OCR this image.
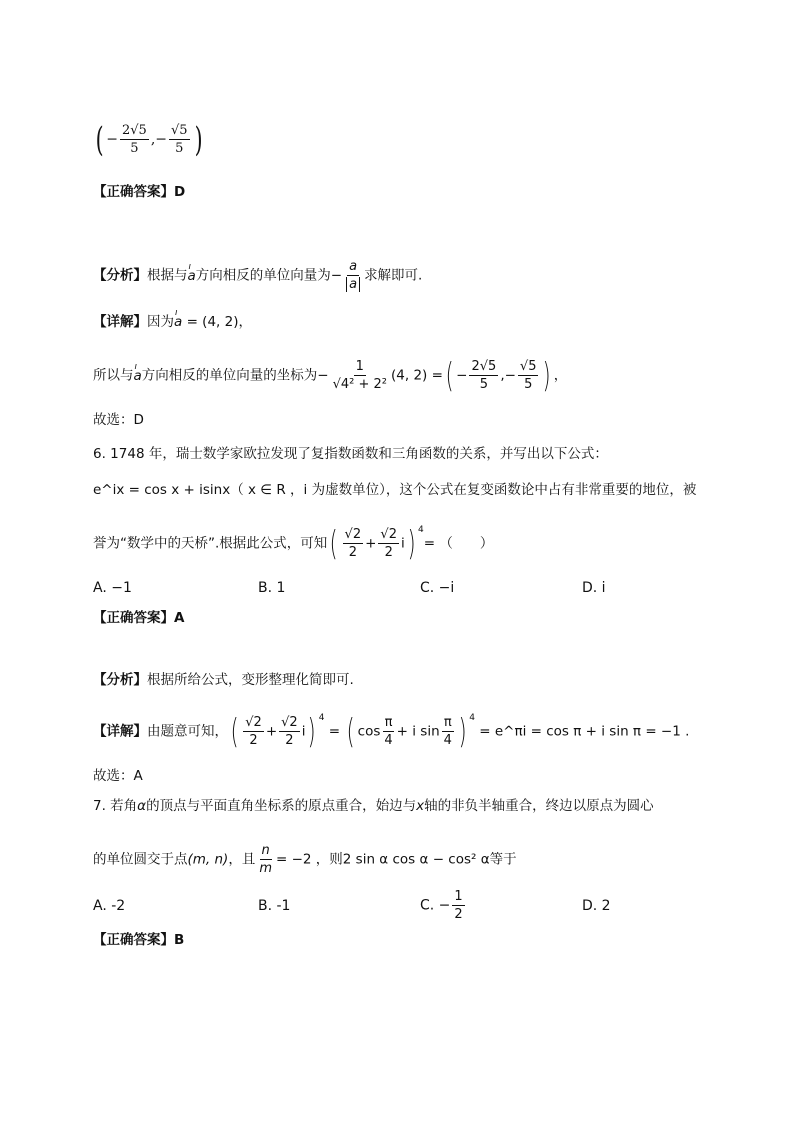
( − $\frac{2√5}{5}$ ,− $\frac{√5}{5}$ )
【正确答案】D
【分析】根据与ı a方向相反的单位向量为− $\frac{a}{a}$ 求解即可.
【详解】因为ı a = (4, 2)，
所以与ı a方向相反的单位向量的坐标为− $\frac{1}{\text{√4² + 2²}} (4$, 2) =( − $\frac{2√5}{5}$ ,− $\frac{√5}{5}$ ) ，
故选：D
6. 1748 年，瑞士数学家欧拉发现了复指数函数和三角函数的关系，并写出以下公式：
e^ix = cos x + isinx（ x ∈ R ，i 为虚数单位），这个公式在复变函数论中占有非常重要的地位，被
誉为“数学中的天桥”.根据此公式，可知( $\frac{√2}{2} + \frac{√2}{2} i$) $^4$= （　　）
A. −1	B. 1	C. −i	D. i
【正确答案】A
【分析】根据所给公式，变形整理化简即可.
【详解】由题意可知，( $\frac{√2}{2} + \frac{√2}{2} i$) $^4$ = ( $\cos \frac{\pi}{4} + i$ $\sin \frac{\pi}{4}$ ) $^4$ = e^πi = cos π + i sin π = −1 .
故选：A
7. 若角α的顶点与平面直角坐标系的原点重合，始边与x轴的非负半轴重合，终边以原点为圆心
的单位圆交于点(m, n)，且 $\frac{n}{m} = -2$ ，则2 sin α cos α − cos² α等于
A. -2	B. -1	C. − $\frac{1}{2}$	D. 2
【正确答案】B
